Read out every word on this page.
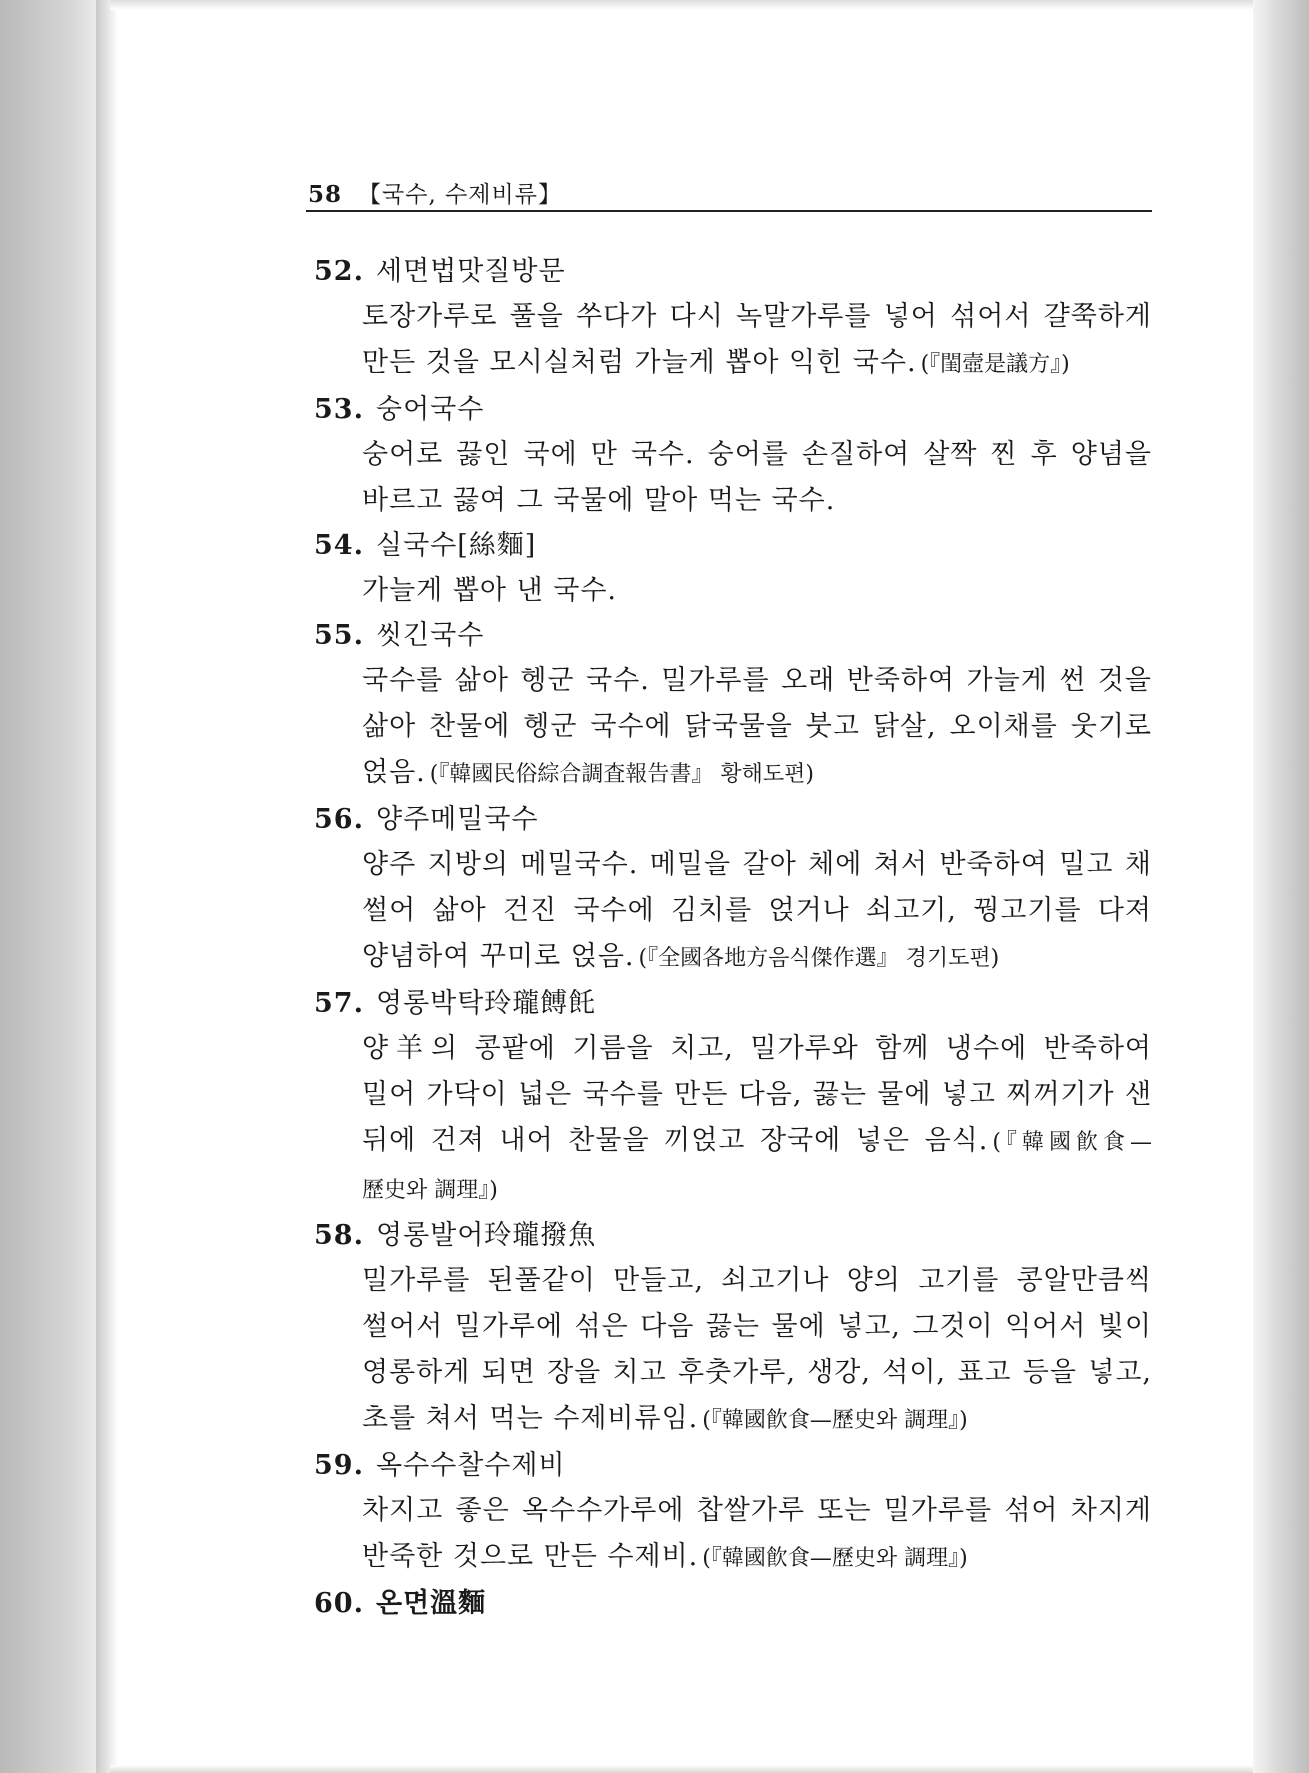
58 【국수, 수제비류】
52. 세면법맛질방문
토장가루로 풀을 쑤다가 다시 녹말가루를 넣어 섞어서 걀쭉하게 만든 것을 모시실처럼 가늘게 뽑아 익힌 국수. (『閨壼是議方』)
53. 숭어국수
숭어로 끓인 국에 만 국수. 숭어를 손질하여 살짝 찐 후 양념을 바르고 끓여 그 국물에 말아 먹는 국수.
54. 실국수[絲麵]
가늘게 뽑아 낸 국수.
55. 씻긴국수
국수를 삶아 헹군 국수. 밀가루를 오래 반죽하여 가늘게 썬 것을 삶아 찬물에 헹군 국수에 닭국물을 붓고 닭살, 오이채를 웃기로 얹음. (『韓國民俗綜合調査報告書』 황해도편)
56. 양주메밀국수
양주 지방의 메밀국수. 메밀을 갈아 체에 쳐서 반죽하여 밀고 채 썰어 삶아 건진 국수에 김치를 얹거나 쇠고기, 꿩고기를 다져 양념하여 꾸미로 얹음. (『全國各地方음식傑作選』 경기도편)
57. 영롱박탁玲瓏餺飥
양羊의 콩팥에 기름을 치고, 밀가루와 함께 냉수에 반죽하여 밀어 가닥이 넓은 국수를 만든 다음, 끓는 물에 넣고 찌꺼기가 샌 뒤에 건져 내어 찬물을 끼얹고 장국에 넣은 음식. (『韓國飮食—歷史와 調理』)
58. 영롱발어玲瓏撥魚
밀가루를 된풀같이 만들고, 쇠고기나 양의 고기를 콩알만큼씩 썰어서 밀가루에 섞은 다음 끓는 물에 넣고, 그것이 익어서 빛이 영롱하게 되면 장을 치고 후춧가루, 생강, 석이, 표고 등을 넣고, 초를 쳐서 먹는 수제비류임. (『韓國飮食—歷史와 調理』)
59. 옥수수찰수제비
차지고 좋은 옥수수가루에 찹쌀가루 또는 밀가루를 섞어 차지게 반죽한 것으로 만든 수제비. (『韓國飮食—歷史와 調理』)
60. 온면溫麵
